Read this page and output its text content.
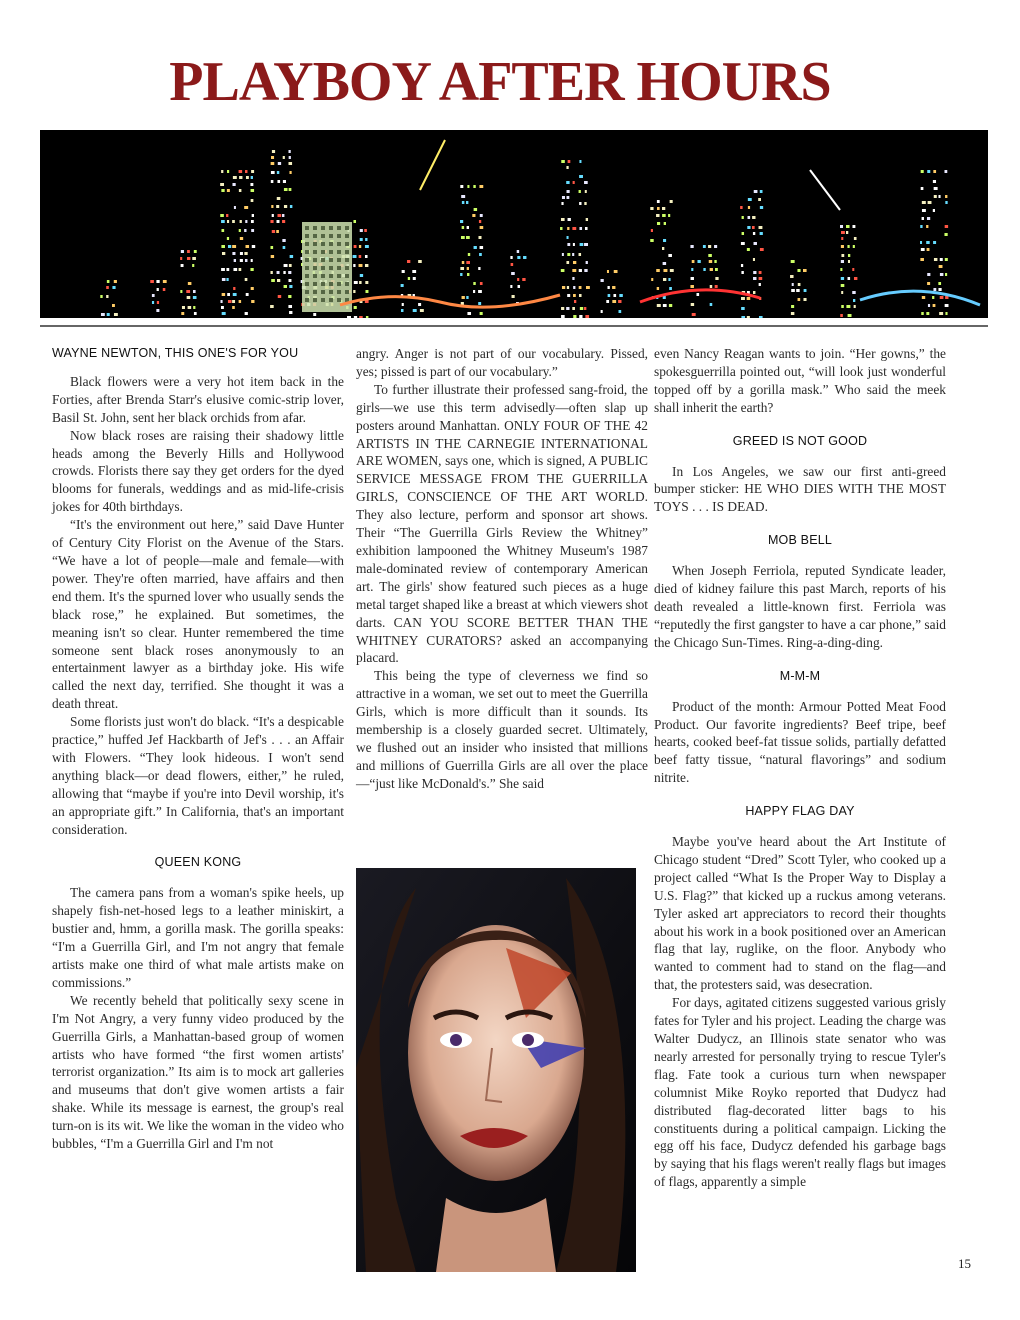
PLAYBOY AFTER HOURS
WAYNE NEWTON, THIS ONE'S FOR YOU

Black flowers were a very hot item back in the Forties, after Brenda Starr's elusive comic-strip lover, Basil St. John, sent her black orchids from afar.

Now black roses are raising their shadowy little heads among the Beverly Hills and Hollywood crowds. Florists there say they get orders for the dyed blooms for funerals, weddings and as mid-life-crisis jokes for 40th birthdays.

“It's the environment out here,” said Dave Hunter of Century City Florist on the Avenue of the Stars. “We have a lot of people—male and female—with power. They're often married, have affairs and then end them. It's the spurned lover who usually sends the black rose,” he explained. But sometimes, the meaning isn't so clear. Hunter remembered the time someone sent black roses anonymously to an entertainment lawyer as a birthday joke. His wife called the next day, terrified. She thought it was a death threat.

Some florists just won't do black. “It's a despicable practice,” huffed Jef Hackbarth of Jef's . . . an Affair with Flowers. “They look hideous. I won't send anything black—or dead flowers, either,” he ruled, allowing that “maybe if you're into Devil worship, it's an appropriate gift.” In California, that's an important consideration.

QUEEN KONG

The camera pans from a woman's spike heels, up shapely fish-net-hosed legs to a leather miniskirt, a bustier and, hmm, a gorilla mask. The gorilla speaks: “I'm a Guerrilla Girl, and I'm not angry that female artists make one third of what male artists make on commissions.”

We recently beheld that politically sexy scene in I'm Not Angry, a very funny video produced by the Guerrilla Girls, a Manhattan-based group of women artists who have formed “the first women artists' terrorist organization.” Its aim is to mock art galleries and museums that don't give women artists a fair shake. While its message is earnest, the group's real turn-on is its wit. We like the woman in the video who bubbles, “I'm a Guerrilla Girl and I'm not

angry. Anger is not part of our vocabulary. Pissed, yes; pissed is part of our vocabulary.”

To further illustrate their professed sang-froid, the girls—we use this term advisedly—often slap up posters around Manhattan. ONLY FOUR OF THE 42 ARTISTS IN THE CARNEGIE INTERNATIONAL ARE WOMEN, says one, which is signed, A PUBLIC SERVICE MESSAGE FROM THE GUERRILLA GIRLS, CONSCIENCE OF THE ART WORLD. They also lecture, perform and sponsor art shows. Their “The Guerrilla Girls Review the Whitney” exhibition lampooned the Whitney Museum's 1987 male-dominated review of contemporary American art. The girls' show featured such pieces as a huge metal target shaped like a breast at which viewers shot darts. CAN YOU SCORE BETTER THAN THE WHITNEY CURATORS? asked an accompanying placard.

This being the type of cleverness we find so attractive in a woman, we set out to meet the Guerrilla Girls, which is more difficult than it sounds. Its membership is a closely guarded secret. Ultimately, we flushed out an insider who insisted that millions and millions of Guerrilla Girls are all over the place—“just like McDonald's.” She said

even Nancy Reagan wants to join. “Her gowns,” the spokesguerrilla pointed out, “will look just wonderful topped off by a gorilla mask.” Who said the meek shall inherit the earth?

GREED IS NOT GOOD

In Los Angeles, we saw our first anti-greed bumper sticker: HE WHO DIES WITH THE MOST TOYS . . . IS DEAD.

MOB BELL

When Joseph Ferriola, reputed Syndicate leader, died of kidney failure this past March, reports of his death revealed a little-known first. Ferriola was “reputedly the first gangster to have a car phone,” said the Chicago Sun-Times. Ring-a-ding-ding.

M-M-M

Product of the month: Armour Potted Meat Food Product. Our favorite ingredients? Beef tripe, beef hearts, cooked beef-fat tissue solids, partially defatted beef fatty tissue, “natural flavorings” and sodium nitrite.

HAPPY FLAG DAY

Maybe you've heard about the Art Institute of Chicago student “Dred” Scott Tyler, who cooked up a project called “What Is the Proper Way to Display a U.S. Flag?” that kicked up a ruckus among veterans. Tyler asked art appreciators to record their thoughts about his work in a book positioned over an American flag that lay, ruglike, on the floor. Anybody who wanted to comment had to stand on the flag—and that, the protesters said, was desecration.

For days, agitated citizens suggested various grisly fates for Tyler and his project. Leading the charge was Walter Dudycz, an Illinois state senator who was nearly arrested for personally trying to rescue Tyler's flag. Fate took a curious turn when newspaper columnist Mike Royko reported that Dudycz had distributed flag-decorated litter bags to his constituents during a political campaign. Licking the egg off his face, Dudycz defended his garbage bags by saying that his flags weren't really flags but images of flags, apparently a simple

15
